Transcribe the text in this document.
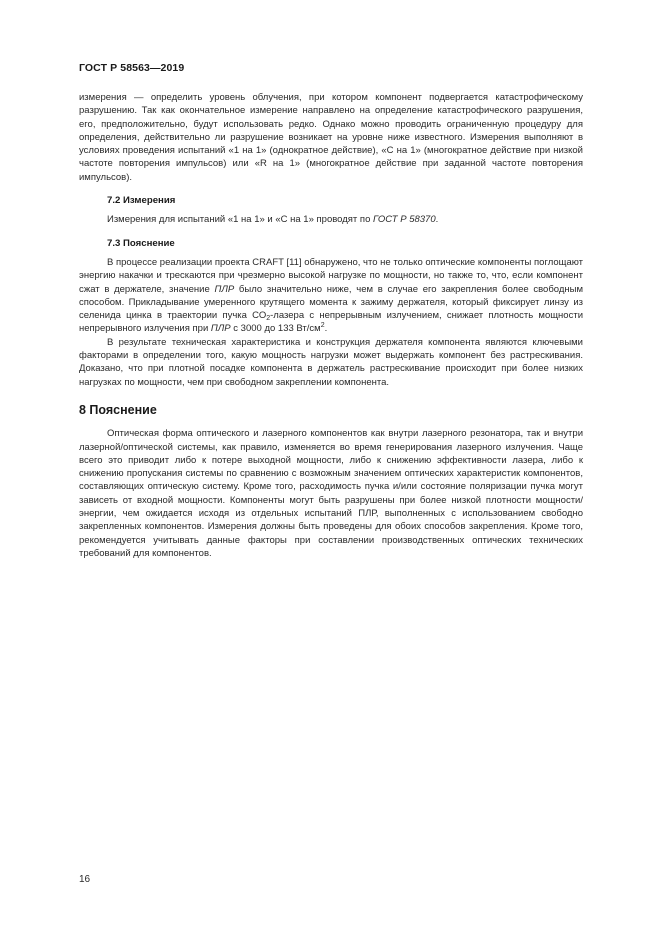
ГОСТ Р 58563—2019

измерения — определить уровень облучения, при котором компонент подвергается катастрофическому разрушению. Так как окончательное измерение направлено на определение катастрофического разрушения, его, предположительно, будут использовать редко. Однако можно проводить ограниченную процедуру для определения, действительно ли разрушение возникает на уровне ниже известного. Измерения выполняют в условиях проведения испытаний «1 на 1» (однократное действие), «С на 1» (многократное действие при низкой частоте повторения импульсов) или «R на 1» (многократное действие при заданной частоте повторения импульсов).

7.2 Измерения

Измерения для испытаний «1 на 1» и «С на 1» проводят по ГОСТ Р 58370.

7.3 Пояснение

В процессе реализации проекта CRAFT [11] обнаружено, что не только оптические компоненты поглощают энергию накачки и трескаются при чрезмерно высокой нагрузке по мощности, но также то, что, если компонент сжат в держателе, значение ПЛР было значительно ниже, чем в случае его закрепления более свободным способом. Прикладывание умеренного крутящего момента к зажиму держателя, который фиксирует линзу из селенида цинка в траектории пучка $СО_2$-лазера с непрерывным излучением, снижает плотность мощности непрерывного излучения при ПЛР с 3000 до 133 $Вт/см^2$.

В результате техническая характеристика и конструкция держателя компонента являются ключевыми факторами в определении того, какую мощность нагрузки может выдержать компонент без растрескивания. Доказано, что при плотной посадке компонента в держатель растрескивание происходит при более низких нагрузках по мощности, чем при свободном закреплении компонента.

8 Пояснение

Оптическая форма оптического и лазерного компонентов как внутри лазерного резонатора, так и внутри лазерной/оптической системы, как правило, изменяется во время генерирования лазерного излучения. Чаще всего это приводит либо к потере выходной мощности, либо к снижению эффективности лазера, либо к снижению пропускания системы по сравнению с возможным значением оптических характеристик компонентов, составляющих оптическую систему. Кроме того, расходимость пучка и/или состояние поляризации пучка могут зависеть от входной мощности. Компоненты могут быть разрушены при более низкой плотности мощности/энергии, чем ожидается исходя из отдельных испытаний ПЛР, выполненных с использованием свободно закрепленных компонентов. Измерения должны быть проведены для обоих способов закрепления. Кроме того, рекомендуется учитывать данные факторы при составлении производственных оптических технических требований для компонентов.

16
